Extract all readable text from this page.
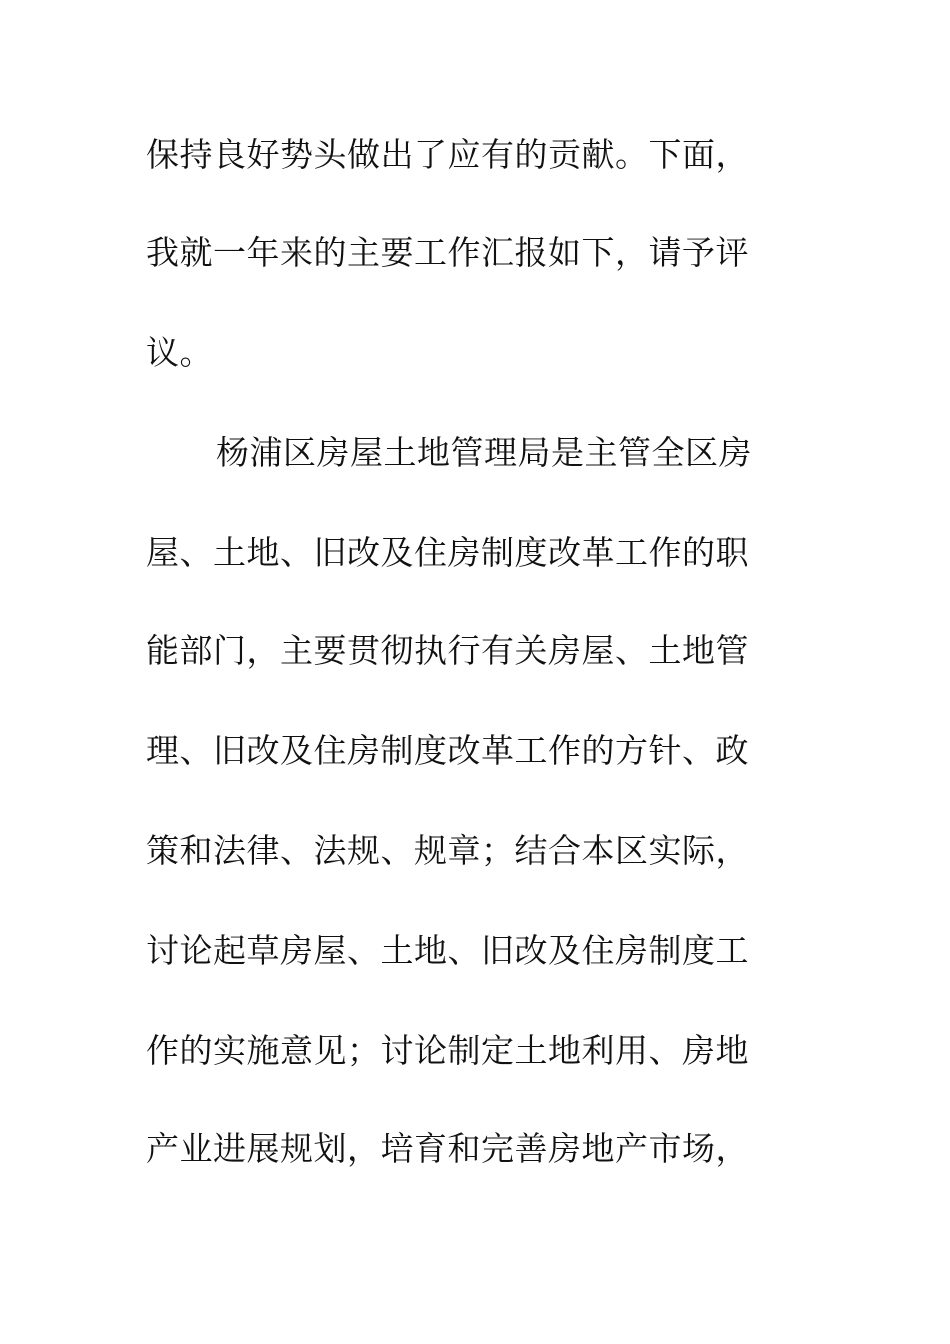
保持良好势头做出了应有的贡献。下面，
我就一年来的主要工作汇报如下，请予评
议。
杨浦区房屋土地管理局是主管全区房
屋、土地、旧改及住房制度改革工作的职
能部门，主要贯彻执行有关房屋、土地管
理、旧改及住房制度改革工作的方针、政
策和法律、法规、规章；结合本区实际，
讨论起草房屋、土地、旧改及住房制度工
作的实施意见；讨论制定土地利用、房地
产业进展规划，培育和完善房地产市场，
